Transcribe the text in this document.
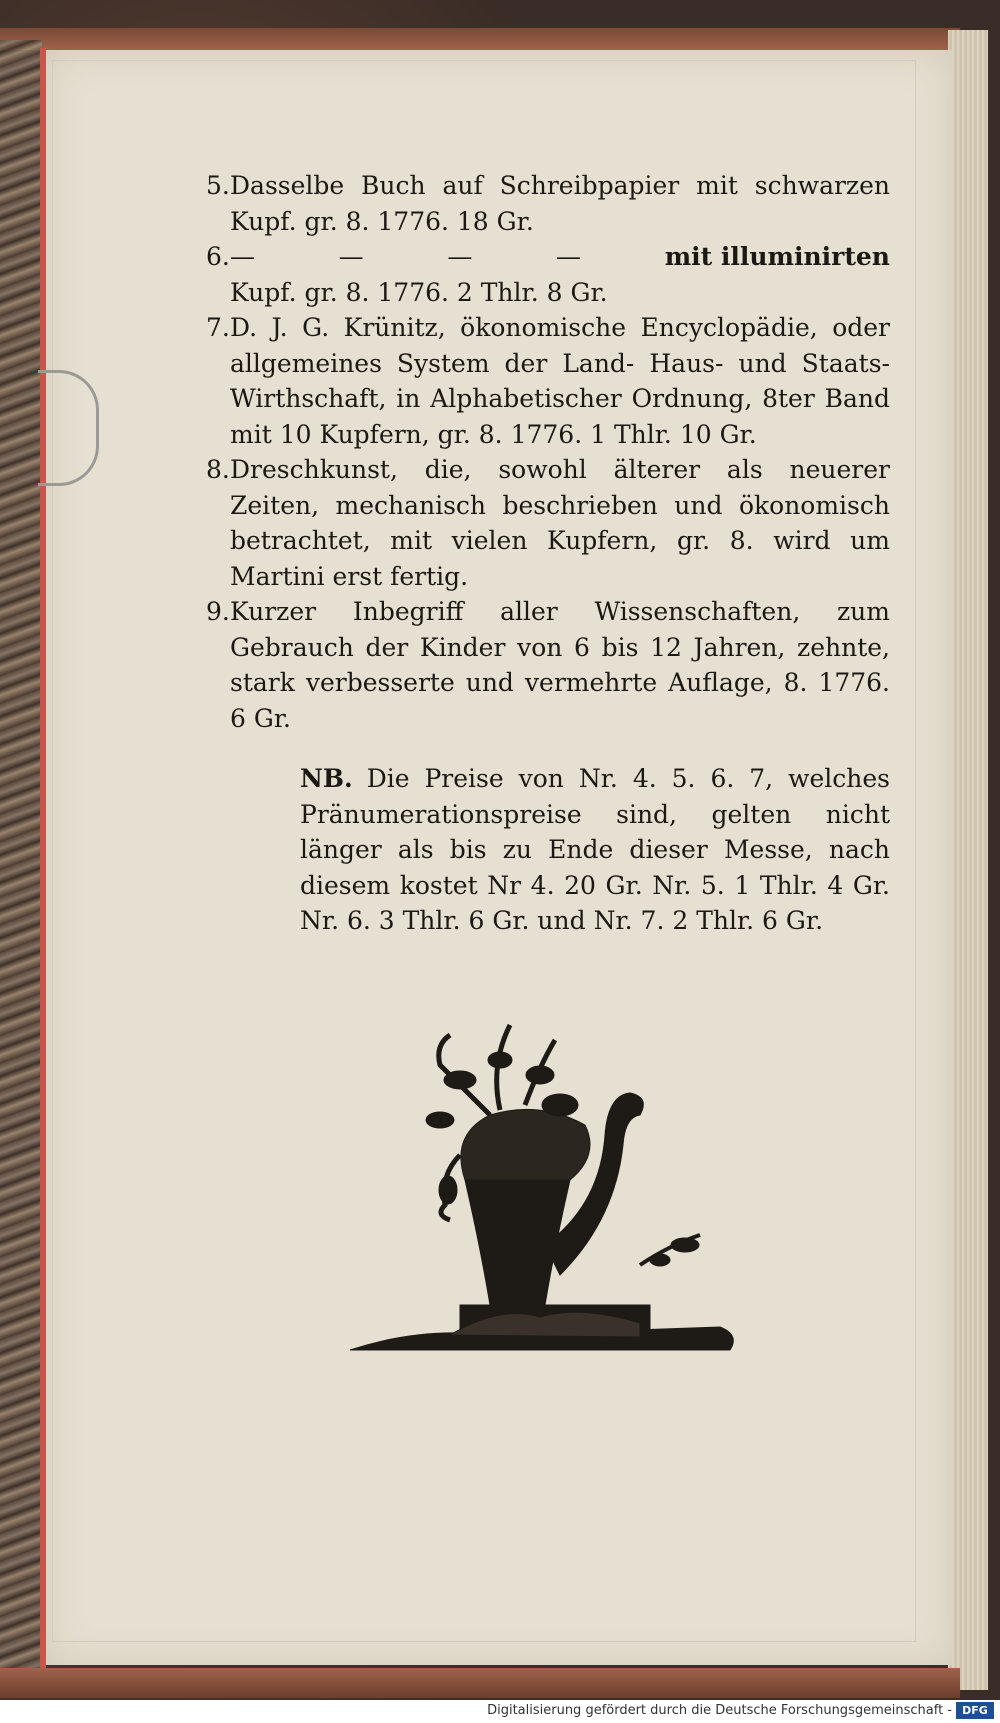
5. Dasselbe Buch auf Schreibpapier mit schwarzen Kupf. gr. 8. 1776. 18 Gr.

6. —	—	—	—	mit illuminirten
Kupf. gr. 8. 1776. 2 Thlr. 8 Gr.

7. D. J. G. Krünitz, ökonomische Encyclopädie, oder allgemeines System der Land- Haus- und Staats- Wirthschaft, in Alphabetischer Ordnung, 8ter Band mit 10 Kupfern, gr. 8. 1776. 1 Thlr. 10 Gr.

8. Dreschkunst, die, sowohl älterer als neuerer Zeiten, mechanisch beschrieben und ökonomisch betrachtet, mit vielen Kupfern, gr. 8. wird um Martini erst fertig.

9. Kurzer Inbegriff aller Wissenschaften, zum Gebrauch der Kinder von 6 bis 12 Jahren, zehnte, stark verbesserte und vermehrte Auflage, 8. 1776. 6 Gr.

NB. Die Preise von Nr. 4. 5. 6. 7, welches Pränumerationspreise sind, gelten nicht länger als bis zu Ende dieser Messe, nach diesem kostet Nr 4. 20 Gr. Nr. 5. 1 Thlr. 4 Gr. Nr. 6. 3 Thlr. 6 Gr. und Nr. 7. 2 Thlr. 6 Gr.

Digitalisierung gefördert durch die Deutsche Forschungsgemeinschaft - DFG
